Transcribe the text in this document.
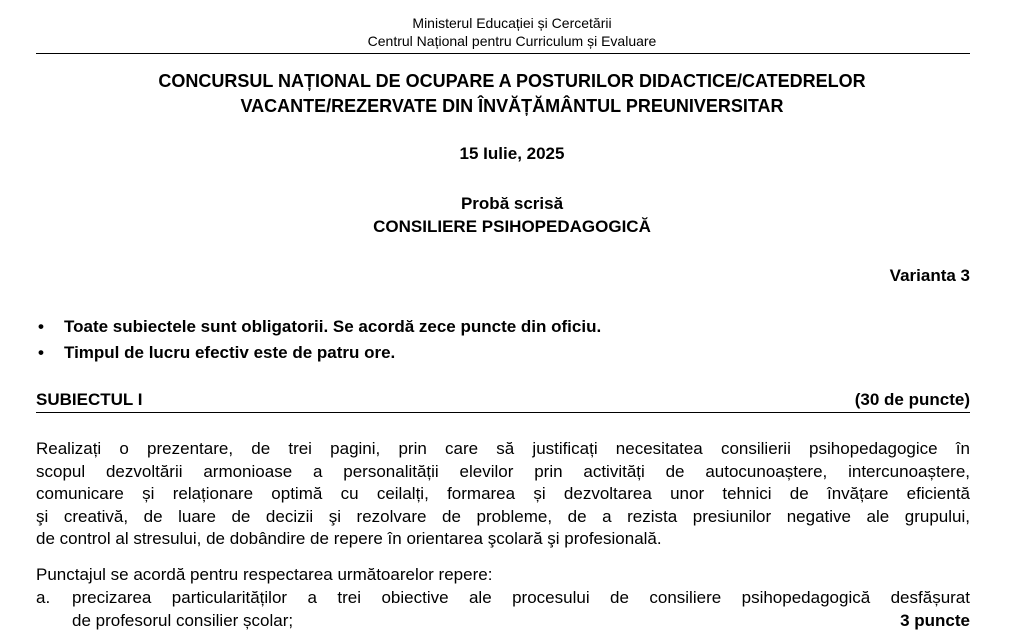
Ministerul Educației și Cercetării
Centrul Național pentru Curriculum și Evaluare
CONCURSUL NAȚIONAL DE OCUPARE A POSTURILOR DIDACTICE/CATEDRELOR
VACANTE/REZERVATE DIN ÎNVĂȚĂMÂNTUL PREUNIVERSITAR
15 Iulie, 2025
Probă scrisă
CONSILIERE PSIHOPEDAGOGICĂ
Varianta 3
• Toate subiectele sunt obligatorii. Se acordă zece puncte din oficiu.
• Timpul de lucru efectiv este de patru ore.
SUBIECTUL I	(30 de puncte)
Realizați o prezentare, de trei pagini, prin care să justificați necesitatea consilierii psihopedagogice în
scopul dezvoltării armonioase a personalității elevilor prin activități de autocunoaștere, intercunoaștere,
comunicare și relaționare optimă cu ceilalți, formarea și dezvoltarea unor tehnici de învățare eficientă
şi creativă, de luare de decizii şi rezolvare de probleme, de a rezista presiunilor negative ale grupului,
de control al stresului, de dobândire de repere în orientarea şcolară şi profesională.
Punctajul se acordă pentru respectarea următoarelor repere:
a. precizarea particularităților a trei obiective ale procesului de consiliere psihopedagogică desfășurat
de profesorul consilier școlar;	3 puncte
